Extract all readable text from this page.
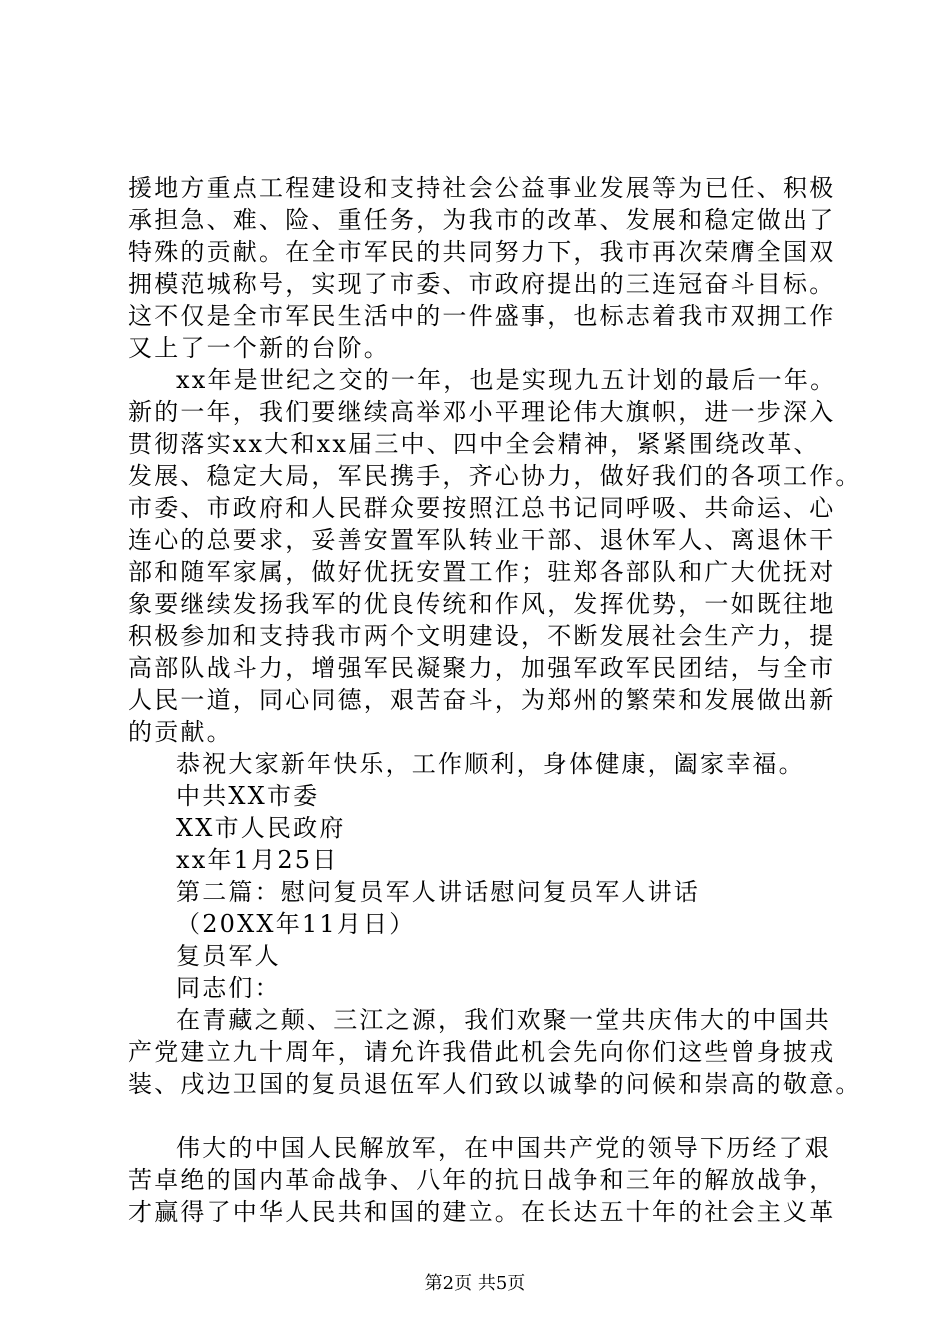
援地方重点工程建设和支持社会公益事业发展等为已任、积极
承担急、难、险、重任务，为我市的改革、发展和稳定做出了
特殊的贡献。在全市军民的共同努力下，我市再次荣膺全国双
拥模范城称号，实现了市委、市政府提出的三连冠奋斗目标。
这不仅是全市军民生活中的一件盛事，也标志着我市双拥工作
又上了一个新的台阶。
xx年是世纪之交的一年，也是实现九五计划的最后一年。
新的一年，我们要继续高举邓小平理论伟大旗帜，进一步深入
贯彻落实xx大和xx届三中、四中全会精神，紧紧围绕改革、
发展、稳定大局，军民携手，齐心协力，做好我们的各项工作。
市委、市政府和人民群众要按照江总书记同呼吸、共命运、心
连心的总要求，妥善安置军队转业干部、退休军人、离退休干
部和随军家属，做好优抚安置工作；驻郑各部队和广大优抚对
象要继续发扬我军的优良传统和作风，发挥优势，一如既往地
积极参加和支持我市两个文明建设，不断发展社会生产力，提
高部队战斗力，增强军民凝聚力，加强军政军民团结，与全市
人民一道，同心同德，艰苦奋斗，为郑州的繁荣和发展做出新
的贡献。
恭祝大家新年快乐，工作顺利，身体健康，阖家幸福。
中共XX市委
XX市人民政府
xx年1月25日
第二篇：慰问复员军人讲话慰问复员军人讲话
（20XX年11月日）
复员军人
同志们：
在青藏之颠、三江之源，我们欢聚一堂共庆伟大的中国共
产党建立九十周年，请允许我借此机会先向你们这些曾身披戎
装、戌边卫国的复员退伍军人们致以诚挚的问候和崇高的敬意。
伟大的中国人民解放军，在中国共产党的领导下历经了艰
苦卓绝的国内革命战争、八年的抗日战争和三年的解放战争，
才赢得了中华人民共和国的建立。在长达五十年的社会主义革
第2页 共5页
